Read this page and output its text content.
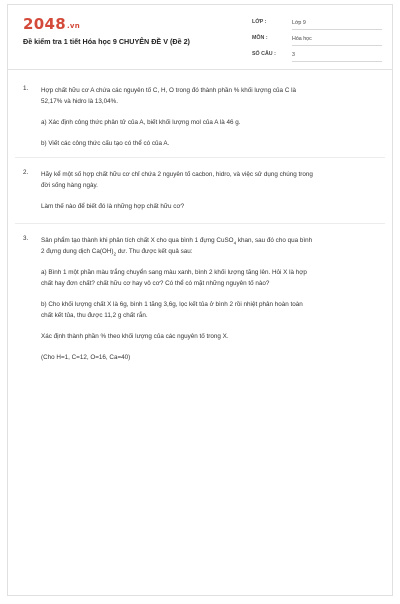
2048.vn
Đề kiểm tra 1 tiết Hóa học 9 CHUYÊN ĐỀ V (Đề 2)
LỚP :	Lớp 9
MÔN :	Hóa học
SỐ CÂU :	3
1. Hợp chất hữu cơ A chứa các nguyên tố C, H, O trong đó thành phần % khối lượng của C là
52,17% và hidro là 13,04%.
a) Xác định công thức phân tử của A, biết khối lượng mol của A là 46 g.
b) Viết các công thức cấu tạo có thể có của A.
2. Hãy kể một số hợp chất hữu cơ chỉ chứa 2 nguyên tố cacbon, hidro, và việc sử dụng chúng trong
đời sống hàng ngày.
Làm thế nào để biết đó là những hợp chất hữu cơ?
3. Sản phẩm tạo thành khi phân tích chất X cho qua bình 1 đựng CuSO$_4$ khan, sau đó cho qua bình
2 đựng dung dịch $Ca(OH)_2$ dư. Thu được kết quả sau:
a) Bình 1 một phần màu trắng chuyển sang màu xanh, bình 2 khối lượng tăng lên. Hỏi X là hợp
chất hay đơn chất? chất hữu cơ hay vô cơ? Có thể có mặt những nguyên tố nào?
b) Cho khối lượng chất X là 6g, bình 1 tăng 3,6g, lọc kết tủa ở bình 2 rồi nhiệt phân hoàn toàn
chất kết tủa, thu được 11,2 g chất rắn.
Xác định thành phần % theo khối lượng của các nguyên tố trong X.
(Cho H=1, C=12, O=16, Ca=40)
